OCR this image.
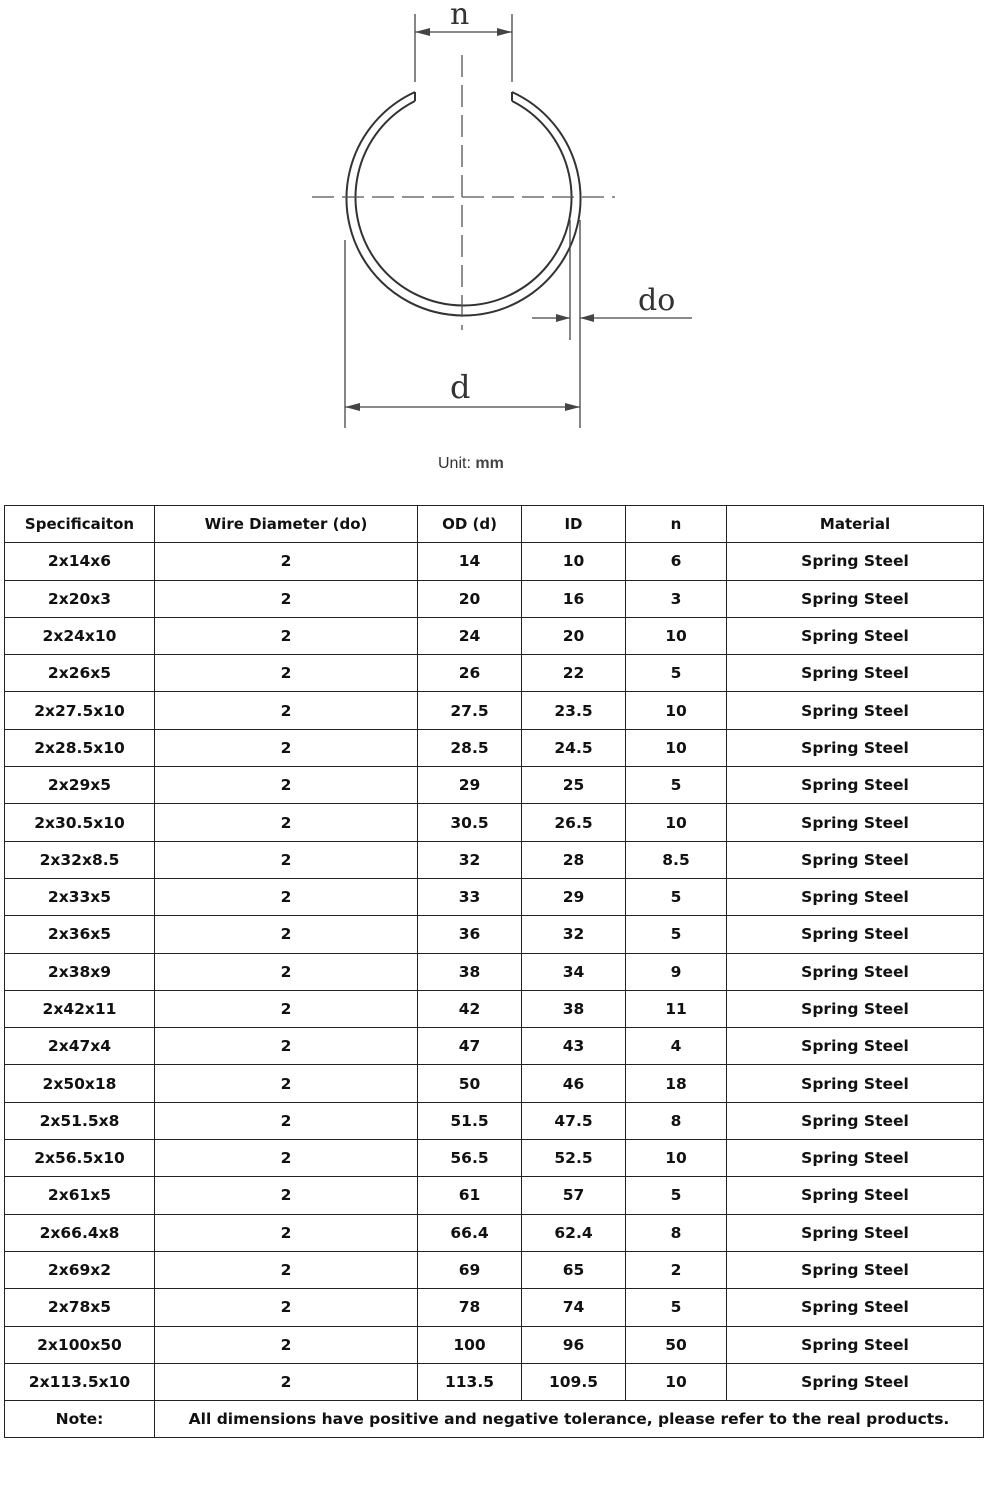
n
do
d
Unit: mm
Specificaiton	Wire Diameter (do)	OD (d)	ID	n	Material
2x14x6	2	14	10	6	Spring Steel
2x20x3	2	20	16	3	Spring Steel
2x24x10	2	24	20	10	Spring Steel
2x26x5	2	26	22	5	Spring Steel
2x27.5x10	2	27.5	23.5	10	Spring Steel
2x28.5x10	2	28.5	24.5	10	Spring Steel
2x29x5	2	29	25	5	Spring Steel
2x30.5x10	2	30.5	26.5	10	Spring Steel
2x32x8.5	2	32	28	8.5	Spring Steel
2x33x5	2	33	29	5	Spring Steel
2x36x5	2	36	32	5	Spring Steel
2x38x9	2	38	34	9	Spring Steel
2x42x11	2	42	38	11	Spring Steel
2x47x4	2	47	43	4	Spring Steel
2x50x18	2	50	46	18	Spring Steel
2x51.5x8	2	51.5	47.5	8	Spring Steel
2x56.5x10	2	56.5	52.5	10	Spring Steel
2x61x5	2	61	57	5	Spring Steel
2x66.4x8	2	66.4	62.4	8	Spring Steel
2x69x2	2	69	65	2	Spring Steel
2x78x5	2	78	74	5	Spring Steel
2x100x50	2	100	96	50	Spring Steel
2x113.5x10	2	113.5	109.5	10	Spring Steel
Note:	All dimensions have positive and negative tolerance, please refer to the real products.				
